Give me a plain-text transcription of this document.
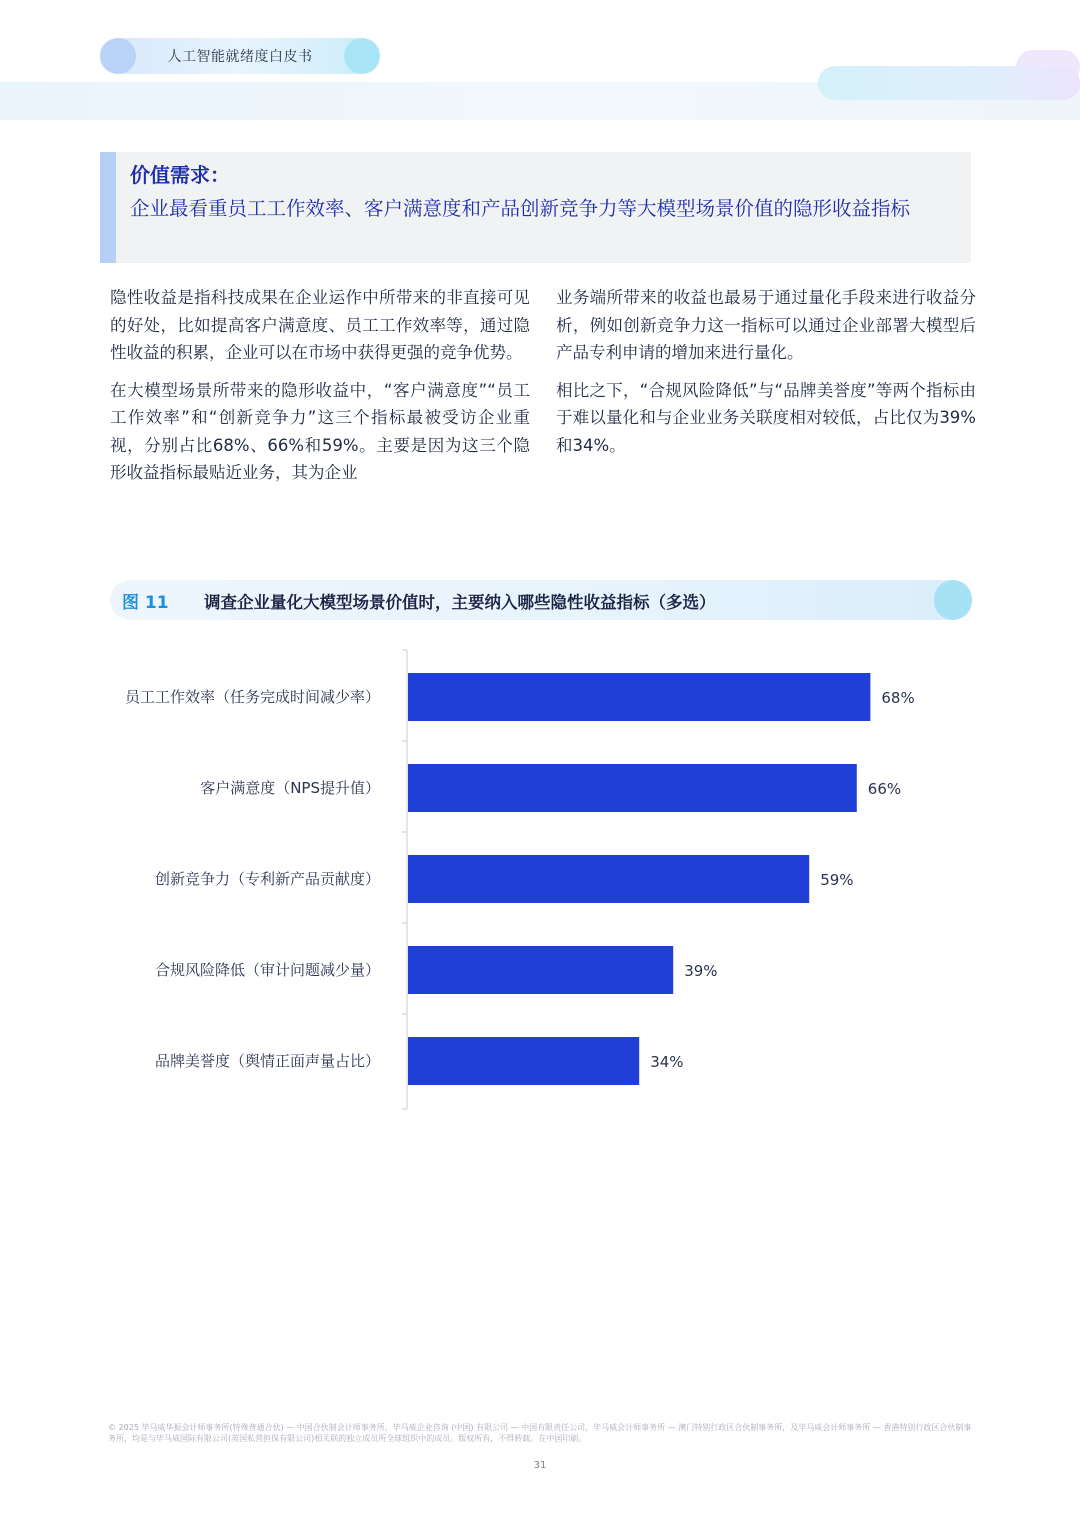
人工智能就绪度白皮书
价值需求：
企业最看重员工工作效率、客户满意度和产品创新竞争力等大模型场景价值的隐形收益指标

隐性收益是指科技成果在企业运作中所带来的非直接可见的好处，比如提高客户满意度、员工工作效率等，通过隐性收益的积累，企业可以在市场中获得更强的竞争优势。

在大模型场景所带来的隐形收益中，“客户满意度”“员工工作效率”和“创新竞争力”这三个指标最被受访企业重视，分别占比68%、66%和59%。主要是因为这三个隐形收益指标最贴近业务，其为企业

业务端所带来的收益也最易于通过量化手段来进行收益分析，例如创新竞争力这一指标可以通过企业部署大模型后产品专利申请的增加来进行量化。

相比之下，“合规风险降低”与“品牌美誉度”等两个指标由于难以量化和与企业业务关联度相对较低，占比仅为39%和34%。

图 11 调查企业量化大模型场景价值时，主要纳入哪些隐性收益指标（多选）
员工工作效率（任务完成时间减少率）	68%
客户满意度（NPS提升值）	66%
创新竞争力（专利新产品贡献度）	59%
合规风险降低（审计问题减少量）	39%
品牌美誉度（舆情正面声量占比）	34%
© 2025 毕马威华振会计师事务所(特殊普通合伙) — 中国合伙制会计师事务所，毕马威企业咨询 (中国) 有限公司 — 中国有限责任公司，毕马威会计师事务所 — 澳门特别行政区合伙制事务所，及毕马威会计师事务所 — 香港特别行政区合伙制事务所，均是与毕马威国际有限公司(英国私营担保有限公司)相关联的独立成员所全球组织中的成员。版权所有，不得转载。在中国印刷。
31
